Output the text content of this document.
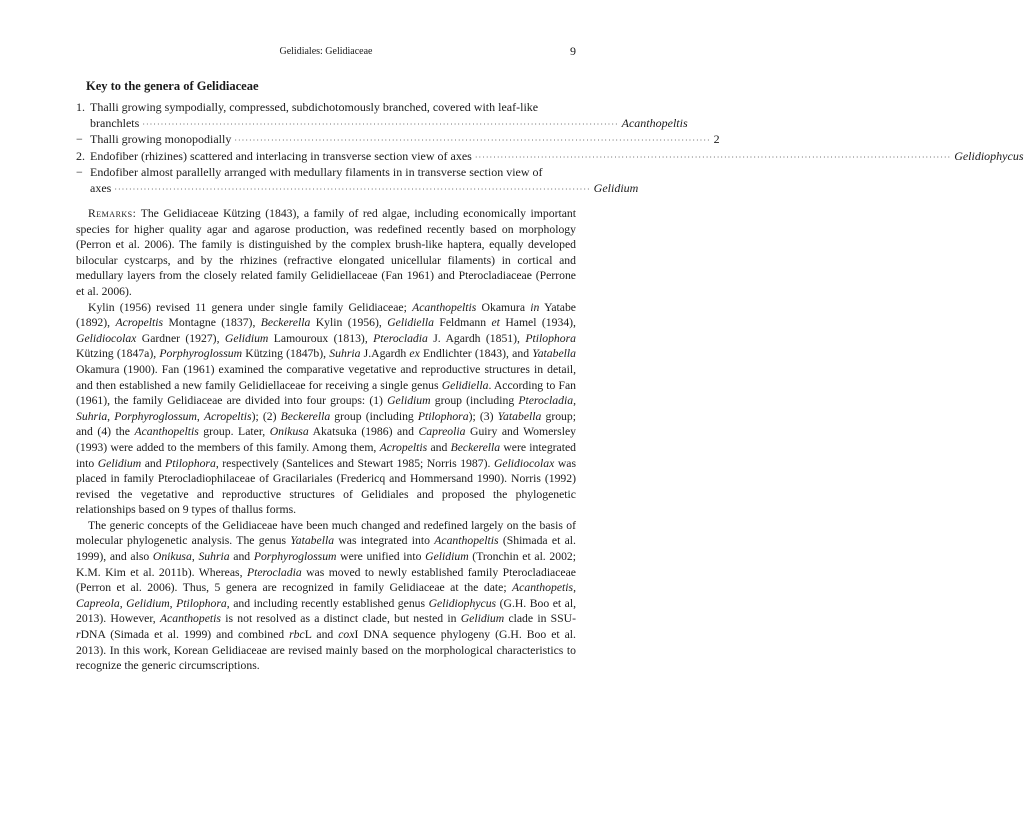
Gelidiales: Gelidiaceae	9
Key to the genera of Gelidiaceae
1. Thalli growing sympodially, compressed, subdichotomously branched, covered with leaf-like
branchlets ·································································································································· Acanthopeltis
− Thalli growing monopodially ·································································································································· 2
2. Endofiber (rhizines) scattered and interlacing in transverse section view of axes ·································································································································· Gelidiophycus
− Endofiber almost parallelly arranged with medullary filaments in in transverse section view of
axes ·································································································································· Gelidium

Remarks: The Gelidiaceae Kützing (1843), a family of red algae, including economically important species for higher quality agar and agarose production, was redefined recently based on morphology (Perron et al. 2006). The family is distinguished by the complex brush-like haptera, equally developed bilocular cystcarps, and by the rhizines (refractive elongated unicellular filaments) in cortical and medullary layers from the closely related family Gelidiellaceae (Fan 1961) and Pterocladiaceae (Perrone et al. 2006).

Kylin (1956) revised 11 genera under single family Gelidiaceae; Acanthopeltis Okamura in Yatabe (1892), Acropeltis Montagne (1837), Beckerella Kylin (1956), Gelidiella Feldmann et Hamel (1934), Gelidiocolax Gardner (1927), Gelidium Lamouroux (1813), Pterocladia J. Agardh (1851), Ptilophora Kützing (1847a), Porphyroglossum Kützing (1847b), Suhria J.Agardh ex Endlichter (1843), and Yatabella Okamura (1900). Fan (1961) examined the comparative vegetative and reproductive structures in detail, and then established a new family Gelidiellaceae for receiving a single genus Gelidiella. According to Fan (1961), the family Gelidiaceae are divided into four groups: (1) Gelidium group (including Pterocladia, Suhria, Porphyroglossum, Acropeltis); (2) Beckerella group (including Ptilophora); (3) Yatabella group; and (4) the Acanthopeltis group. Later, Onikusa Akatsuka (1986) and Capreolia Guiry and Womersley (1993) were added to the members of this family. Among them, Acropeltis and Beckerella were integrated into Gelidium and Ptilophora, respectively (Santelices and Stewart 1985; Norris 1987). Gelidiocolax was placed in family Pterocladiophilaceae of Gracilariales (Fredericq and Hommersand 1990). Norris (1992) revised the vegetative and reproductive structures of Gelidiales and proposed the phylogenetic relationships based on 9 types of thallus forms.

The generic concepts of the Gelidiaceae have been much changed and redefined largely on the basis of molecular phylogenetic analysis. The genus Yatabella was integrated into Acanthopeltis (Shimada et al. 1999), and also Onikusa, Suhria and Porphyroglossum were unified into Gelidium (Tronchin et al. 2002; K.M. Kim et al. 2011b). Whereas, Pterocladia was moved to newly established family Pterocladiaceae (Perron et al. 2006). Thus, 5 genera are recognized in family Gelidiaceae at the date; Acanthopetis, Capreola, Gelidium, Ptilophora, and including recently established genus Gelidiophycus (G.H. Boo et al, 2013). However, Acanthopetis is not resolved as a distinct clade, but nested in Gelidium clade in SSU-rDNA (Simada et al. 1999) and combined rbcL and coxI DNA sequence phylogeny (G.H. Boo et al. 2013). In this work, Korean Gelidiaceae are revised mainly based on the morphological characteristics to recognize the generic circumscriptions.
